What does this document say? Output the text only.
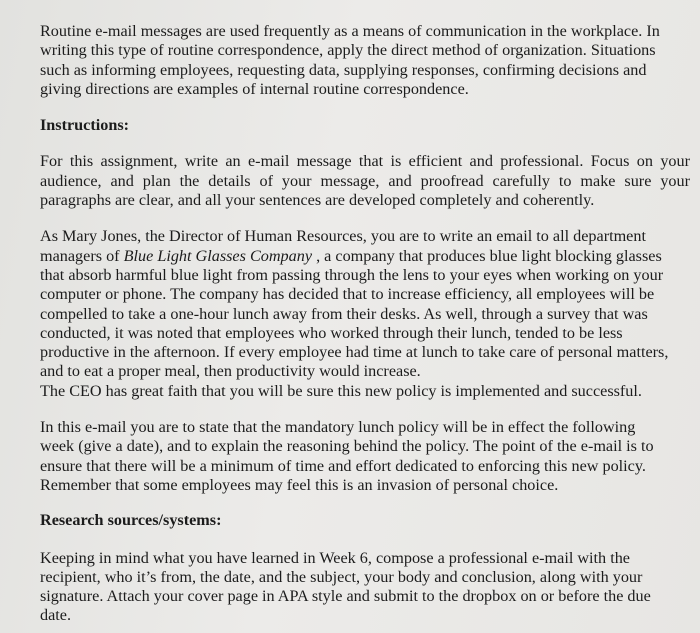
Routine e-mail messages are used frequently as a means of communication in the workplace. In
writing this type of routine correspondence, apply the direct method of organization. Situations
such as informing employees, requesting data, supplying responses, confirming decisions and
giving directions are examples of internal routine correspondence.

Instructions:

For this assignment, write an e-mail message that is efficient and professional. Focus on your
audience, and plan the details of your message, and proofread carefully to make sure your
paragraphs are clear, and all your sentences are developed completely and coherently.

As Mary Jones, the Director of Human Resources, you are to write an email to all department
managers of Blue Light Glasses Company , a company that produces blue light blocking glasses
that absorb harmful blue light from passing through the lens to your eyes when working on your
computer or phone. The company has decided that to increase efficiency, all employees will be
compelled to take a one-hour lunch away from their desks. As well, through a survey that was
conducted, it was noted that employees who worked through their lunch, tended to be less
productive in the afternoon. If every employee had time at lunch to take care of personal matters,
and to eat a proper meal, then productivity would increase.
The CEO has great faith that you will be sure this new policy is implemented and successful.

In this e-mail you are to state that the mandatory lunch policy will be in effect the following
week (give a date), and to explain the reasoning behind the policy. The point of the e-mail is to
ensure that there will be a minimum of time and effort dedicated to enforcing this new policy.
Remember that some employees may feel this is an invasion of personal choice.

Research sources/systems:

Keeping in mind what you have learned in Week 6, compose a professional e-mail with the
recipient, who it’s from, the date, and the subject, your body and conclusion, along with your
signature. Attach your cover page in APA style and submit to the dropbox on or before the due
date.
